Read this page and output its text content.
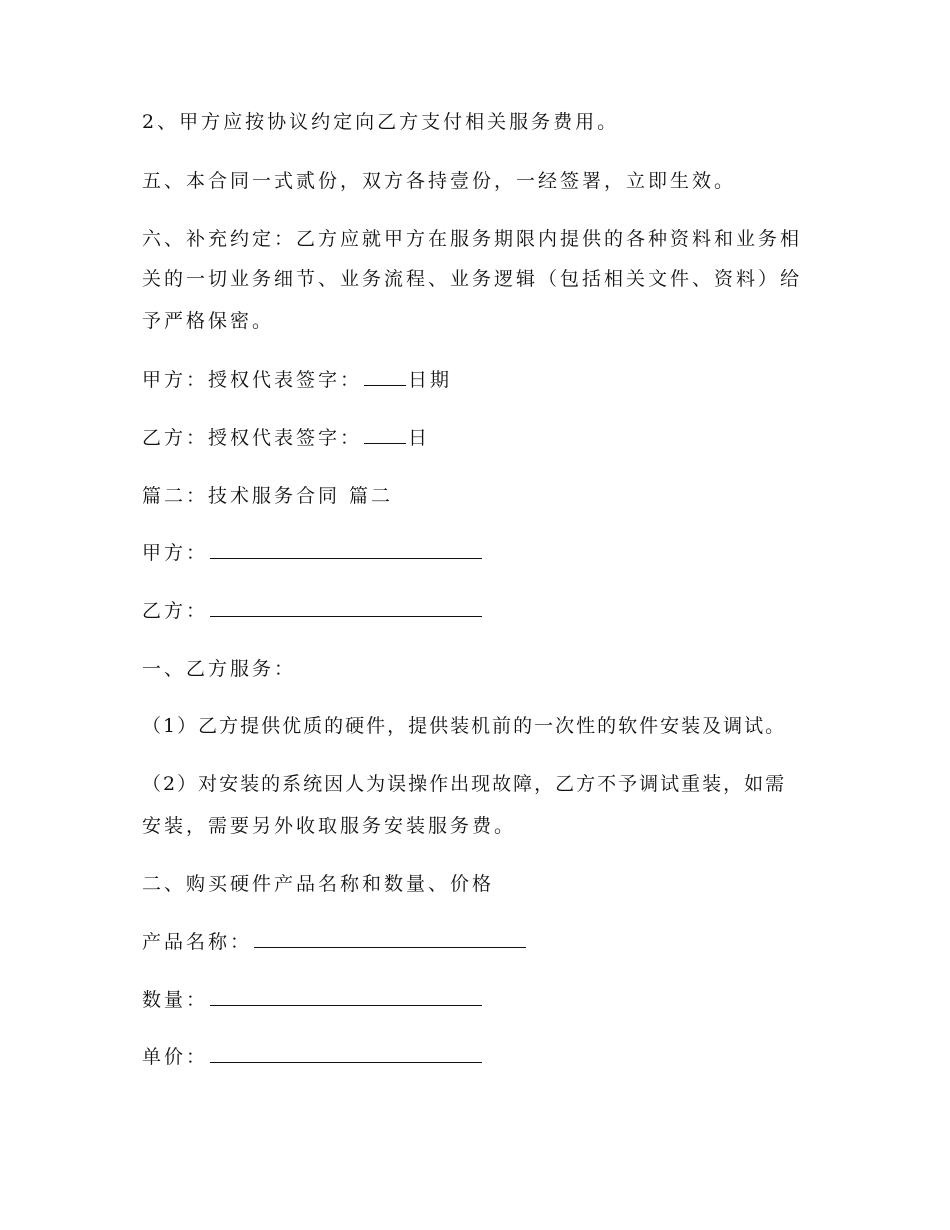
2、甲方应按协议约定向乙方支付相关服务费用。

五、本合同一式贰份，双方各持壹份，一经签署，立即生效。

六、补充约定：乙方应就甲方在服务期限内提供的各种资料和业务相

关的一切业务细节、业务流程、业务逻辑（包括相关文件、资料）给

予严格保密。

甲方：授权代表签字： 日期

乙方：授权代表签字： 日

篇二：技术服务合同 篇二

甲方：

乙方：

一、乙方服务：

（1）乙方提供优质的硬件，提供装机前的一次性的软件安装及调试。

（2）对安装的系统因人为误操作出现故障，乙方不予调试重装，如需

安装，需要另外收取服务安装服务费。

二、购买硬件产品名称和数量、价格

产品名称：

数量：

单价：
